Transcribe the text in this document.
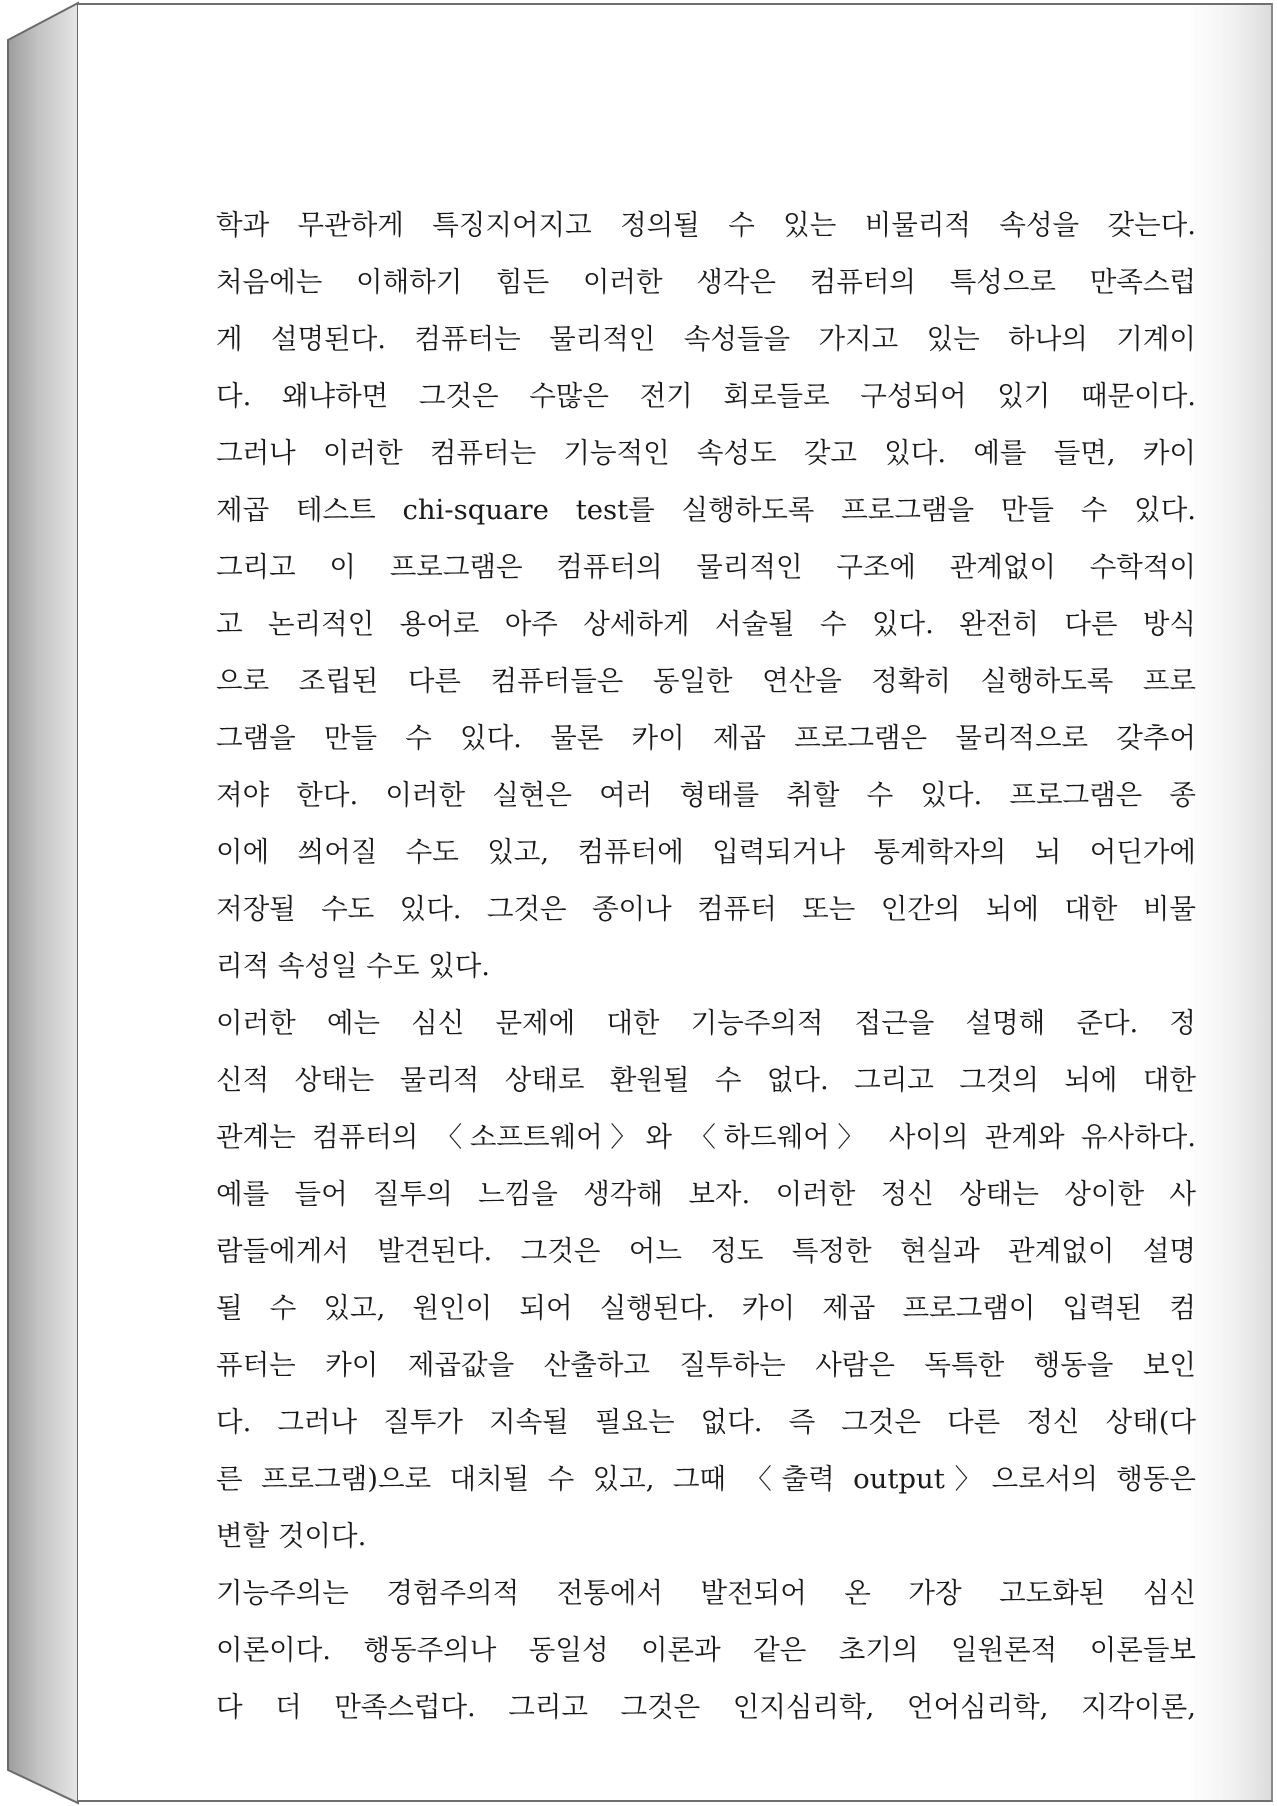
학과 무관하게 특징지어지고 정의될 수 있는 비물리적 속성을 갖는다.
처음에는 이해하기 힘든 이러한 생각은 컴퓨터의 특성으로 만족스럽
게 설명된다. 컴퓨터는 물리적인 속성들을 가지고 있는 하나의 기계이
다. 왜냐하면 그것은 수많은 전기 회로들로 구성되어 있기 때문이다.
그러나 이러한 컴퓨터는 기능적인 속성도 갖고 있다. 예를 들면, 카이
제곱 테스트 chi-square test를 실행하도록 프로그램을 만들 수 있다.
그리고 이 프로그램은 컴퓨터의 물리적인 구조에 관계없이 수학적이
고 논리적인 용어로 아주 상세하게 서술될 수 있다. 완전히 다른 방식
으로 조립된 다른 컴퓨터들은 동일한 연산을 정확히 실행하도록 프로
그램을 만들 수 있다. 물론 카이 제곱 프로그램은 물리적으로 갖추어
져야 한다. 이러한 실현은 여러 형태를 취할 수 있다. 프로그램은 종
이에 씌어질 수도 있고, 컴퓨터에 입력되거나 통계학자의 뇌 어딘가에
저장될 수도 있다. 그것은 종이나 컴퓨터 또는 인간의 뇌에 대한 비물
리적 속성일 수도 있다.
이러한 예는 심신 문제에 대한 기능주의적 접근을 설명해 준다. 정
신적 상태는 물리적 상태로 환원될 수 없다. 그리고 그것의 뇌에 대한
관계는 컴퓨터의 〈소프트웨어〉와 〈하드웨어〉 사이의 관계와 유사하다.
예를 들어 질투의 느낌을 생각해 보자. 이러한 정신 상태는 상이한 사
람들에게서 발견된다. 그것은 어느 정도 특정한 현실과 관계없이 설명
될 수 있고, 원인이 되어 실행된다. 카이 제곱 프로그램이 입력된 컴
퓨터는 카이 제곱값을 산출하고 질투하는 사람은 독특한 행동을 보인
다. 그러나 질투가 지속될 필요는 없다. 즉 그것은 다른 정신 상태(다
른 프로그램)으로 대치될 수 있고, 그때 〈출력 output〉으로서의 행동은
변할 것이다.
기능주의는 경험주의적 전통에서 발전되어 온 가장 고도화된 심신
이론이다. 행동주의나 동일성 이론과 같은 초기의 일원론적 이론들보
다 더 만족스럽다. 그리고 그것은 인지심리학, 언어심리학, 지각이론,
